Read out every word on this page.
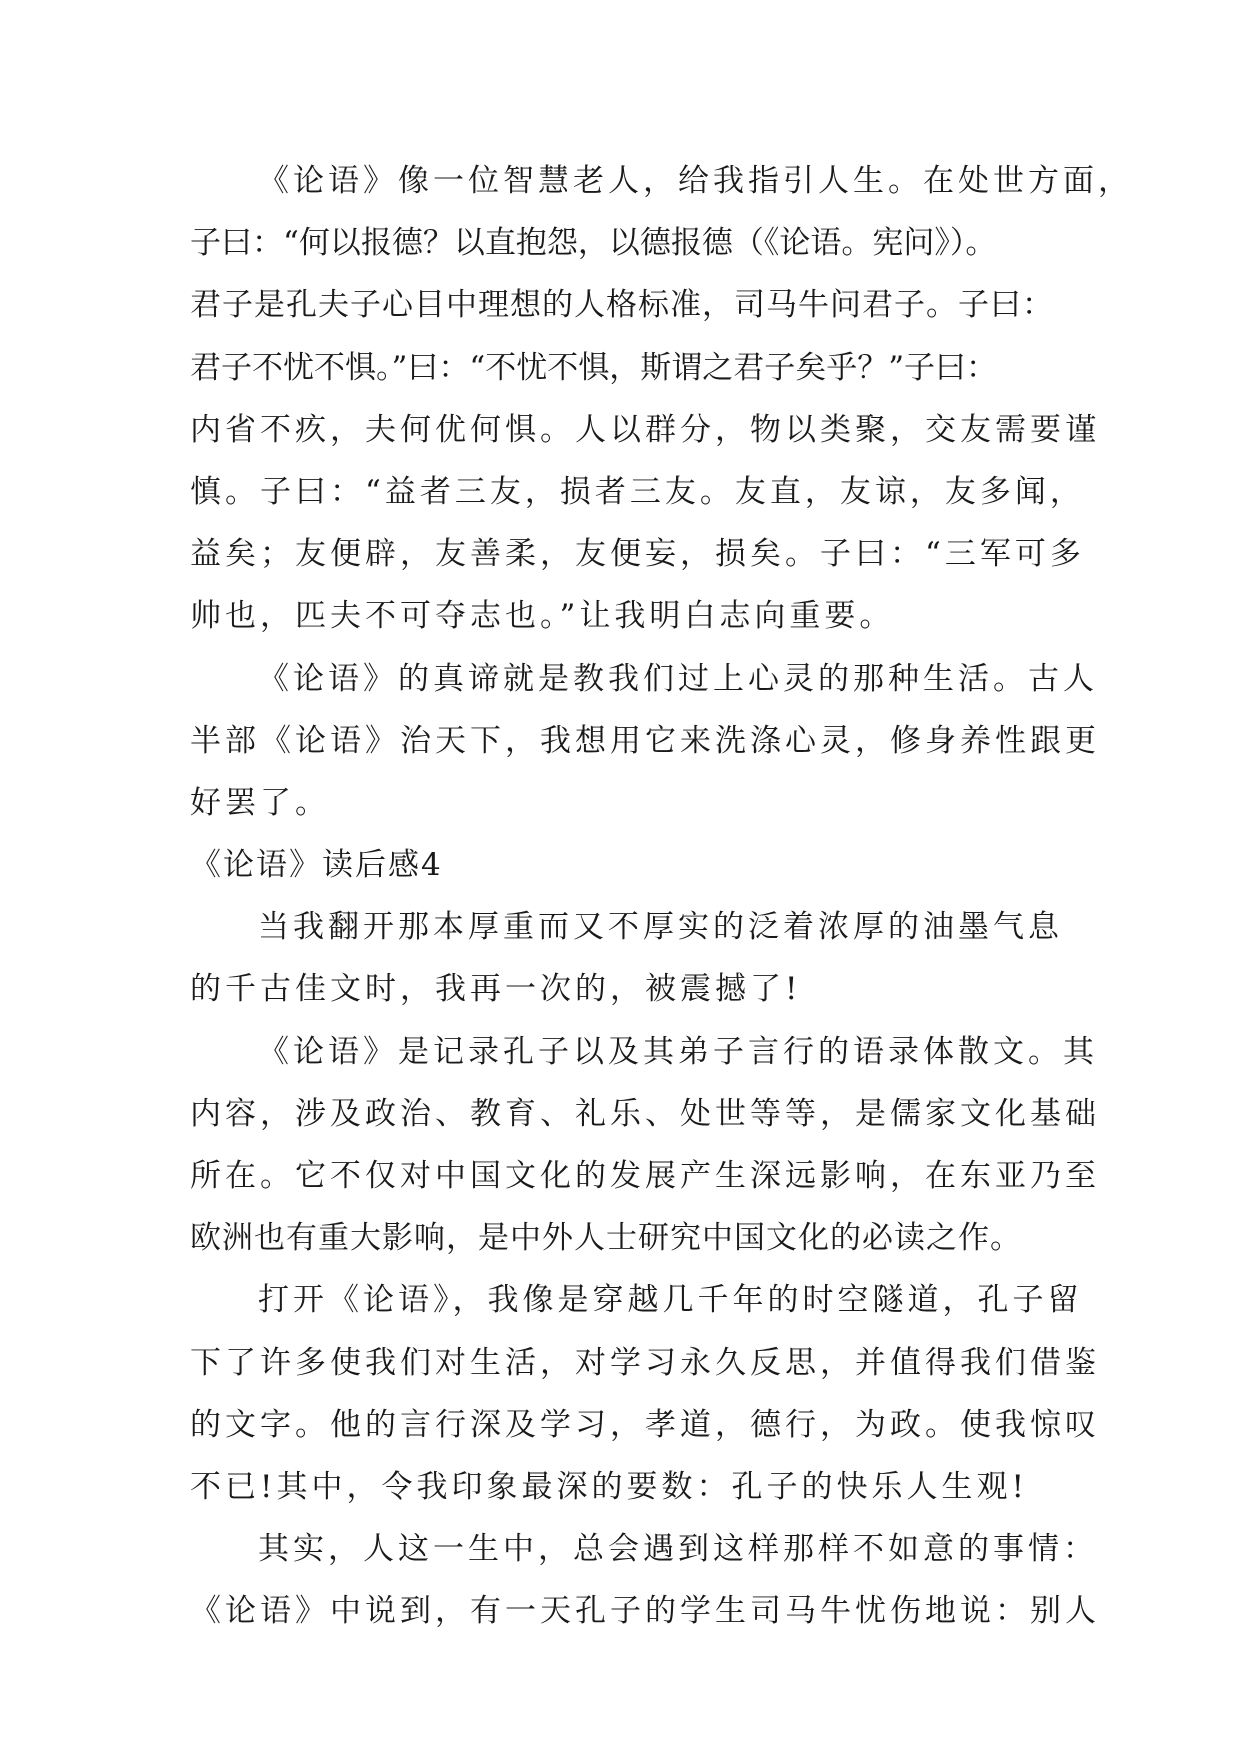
《论语》像一位智慧老人，给我指引人生。在处世方面，
子曰：“何以报德？以直抱怨，以德报德（《论语。宪问》）。
君子是孔夫子心目中理想的人格标准，司马牛问君子。子曰：
君子不忧不惧。”曰：“不忧不惧，斯谓之君子矣乎？”子曰：
内省不疚，夫何优何惧。人以群分，物以类聚，交友需要谨
慎。子曰：“益者三友，损者三友。友直，友谅，友多闻，
益矣；友便辟，友善柔，友便妄，损矣。子曰：“三军可多
帅也，匹夫不可夺志也。”让我明白志向重要。
《论语》的真谛就是教我们过上心灵的那种生活。古人
半部《论语》治天下，我想用它来洗涤心灵，修身养性跟更
好罢了。
《论语》读后感4
当我翻开那本厚重而又不厚实的泛着浓厚的油墨气息
的千古佳文时，我再一次的，被震撼了!
《论语》是记录孔子以及其弟子言行的语录体散文。其
内容，涉及政治、教育、礼乐、处世等等，是儒家文化基础
所在。它不仅对中国文化的发展产生深远影响，在东亚乃至
欧洲也有重大影响，是中外人士研究中国文化的必读之作。
打开《论语》，我像是穿越几千年的时空隧道，孔子留
下了许多使我们对生活，对学习永久反思，并值得我们借鉴
的文字。他的言行深及学习，孝道，德行，为政。使我惊叹
不已!其中，令我印象最深的要数：孔子的快乐人生观!
其实，人这一生中，总会遇到这样那样不如意的事情：
《论语》中说到，有一天孔子的学生司马牛忧伤地说：别人
